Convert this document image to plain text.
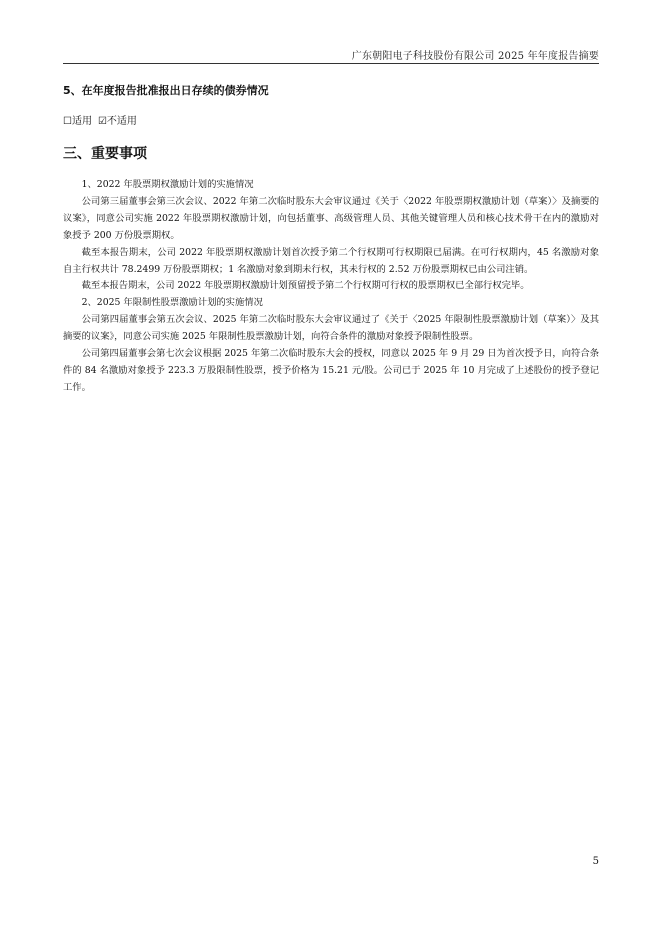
广东朝阳电子科技股份有限公司 2025 年年度报告摘要
5、在年度报告批准报出日存续的债券情况
☐适用 ☑不适用
三、重要事项

1、2022 年股票期权激励计划的实施情况

公司第三届董事会第三次会议、2022 年第二次临时股东大会审议通过《关于〈2022 年股票期权激励计划（草案）〉及摘要的议案》，同意公司实施 2022 年股票期权激励计划，向包括董事、高级管理人员、其他关键管理人员和核心技术骨干在内的激励对象授予 200 万份股票期权。

截至本报告期末，公司 2022 年股票期权激励计划首次授予第二个行权期可行权期限已届满。在可行权期内，45 名激励对象自主行权共计 78.2499 万份股票期权；1 名激励对象到期未行权，其未行权的 2.52 万份股票期权已由公司注销。

截至本报告期末，公司 2022 年股票期权激励计划预留授予第二个行权期可行权的股票期权已全部行权完毕。

2、2025 年限制性股票激励计划的实施情况

公司第四届董事会第五次会议、2025 年第二次临时股东大会审议通过了《关于〈2025 年限制性股票激励计划（草案）〉及其摘要的议案》，同意公司实施 2025 年限制性股票激励计划，向符合条件的激励对象授予限制性股票。

公司第四届董事会第七次会议根据 2025 年第二次临时股东大会的授权，同意以 2025 年 9 月 29 日为首次授予日，向符合条件的 84 名激励对象授予 223.3 万股限制性股票，授予价格为 15.21 元/股。公司已于 2025 年 10 月完成了上述股份的授予登记工作。

5
